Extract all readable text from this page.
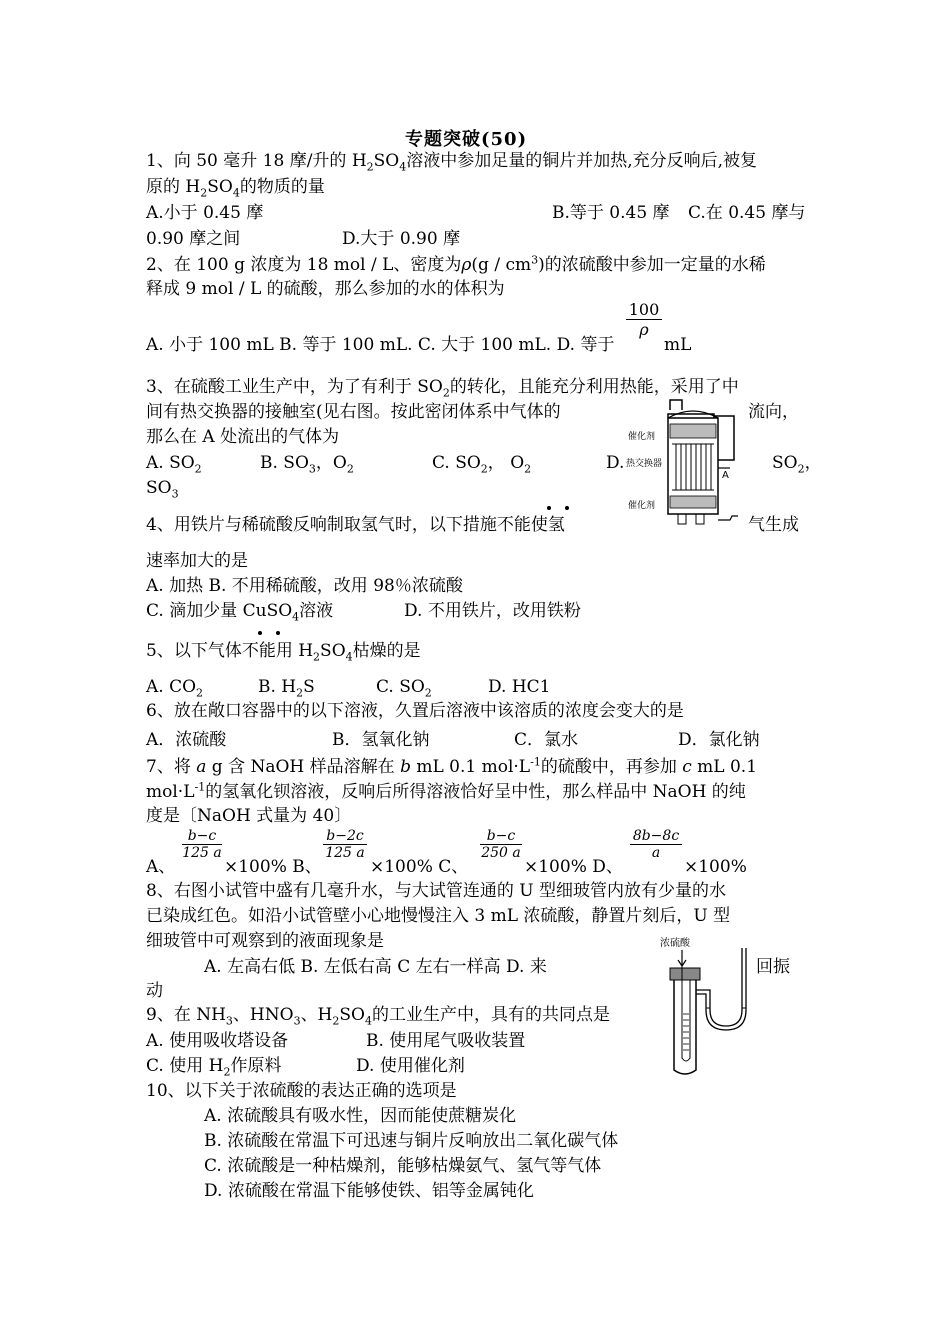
专题突破(50)
1、向 50 毫升 18 摩/升的 $H_2SO_4$溶液中参加足量的铜片并加热,充分反响后,被复
原的 $H_2SO_4$的物质的量
A.小于 0.45 摩	B.等于 0.45 摩 C.在 0.45 摩与
0.90 摩之间	D.大于 0.90 摩
2、在 100 g 浓度为 18 mol / L、密度为$\rho(g / cm^3)$的浓硫酸中参加一定量的水稀
释成 9 mol / L 的硫酸，那么参加的水的体积为
$\frac{100}{\rho}$
A. 小于 100 mL B. 等于 100 mL. C. 大于 100 mL. D. 等于	mL
3、在硫酸工业生产中，为了有利于 $SO_2$的转化，且能充分利用热能，采用了中
间有热交换器的接触室(见右图。按此密闭体系中气体的	流向，
那么在 A 处流出的气体为
A. $SO_2$	B. $SO_3$，$O_2$	C. $SO_2$， $O_2$	D.	$SO_2$，
$SO_3$
催化剂
热交换器
催化剂
A
4、用铁片与稀硫酸反响制取氢气时，以下措施不能使氢	气生成
速率加大的是
A. 加热 B. 不用稀硫酸，改用 98％浓硫酸
C. 滴加少量 CuSO$_4$溶液	D. 不用铁片，改用铁粉
5、以下气体不能用 $H_2SO_4$枯燥的是
A. $CO_2$	B. $H_2S$	C. $SO_2$	D. HC1
6、放在敞口容器中的以下溶液，久置后溶液中该溶质的浓度会变大的是
A．浓硫酸	B．氢氧化钠	C．氯水	D．氯化钠
7、将 a g 含 NaOH 样品溶解在 b mL 0.1 $mol\cdot L^{-1}$的硫酸中，再参加 c mL 0.1
$mol\cdot L^{-1}$的氢氧化钡溶液，反响后所得溶液恰好呈中性，那么样品中 NaOH 的纯
度是〔NaOH 式量为 40〕
$\frac{b-c}{125 a}$	$\frac{b-2c}{125 a}$	$\frac{b-c}{250 a}$	$\frac{8b-8c}{a}$
A、	×100% B、	×100% C、	×100% D、	×100%
8、右图小试管中盛有几毫升水，与大试管连通的 U 型细玻管内放有少量的水
已染成红色。如沿小试管壁小心地慢慢注入 3 mL 浓硫酸，静置片刻后，U 型
细玻管中可观察到的液面现象是
A. 左高右低 B. 左低右高 C 左右一样高 D. 来	回振
动
浓硫酸
9、在 $NH_3$、$HNO_3$、$H_2SO_4$的工业生产中，具有的共同点是
A. 使用吸收塔设备	B. 使用尾气吸收装置
C. 使用 $H_2$作原料	D. 使用催化剂
10、以下关于浓硫酸的表达正确的选项是
A. 浓硫酸具有吸水性，因而能使蔗糖炭化
B. 浓硫酸在常温下可迅速与铜片反响放出二氧化碳气体
C. 浓硫酸是一种枯燥剂，能够枯燥氨气、氢气等气体
D. 浓硫酸在常温下能够使铁、铝等金属钝化
